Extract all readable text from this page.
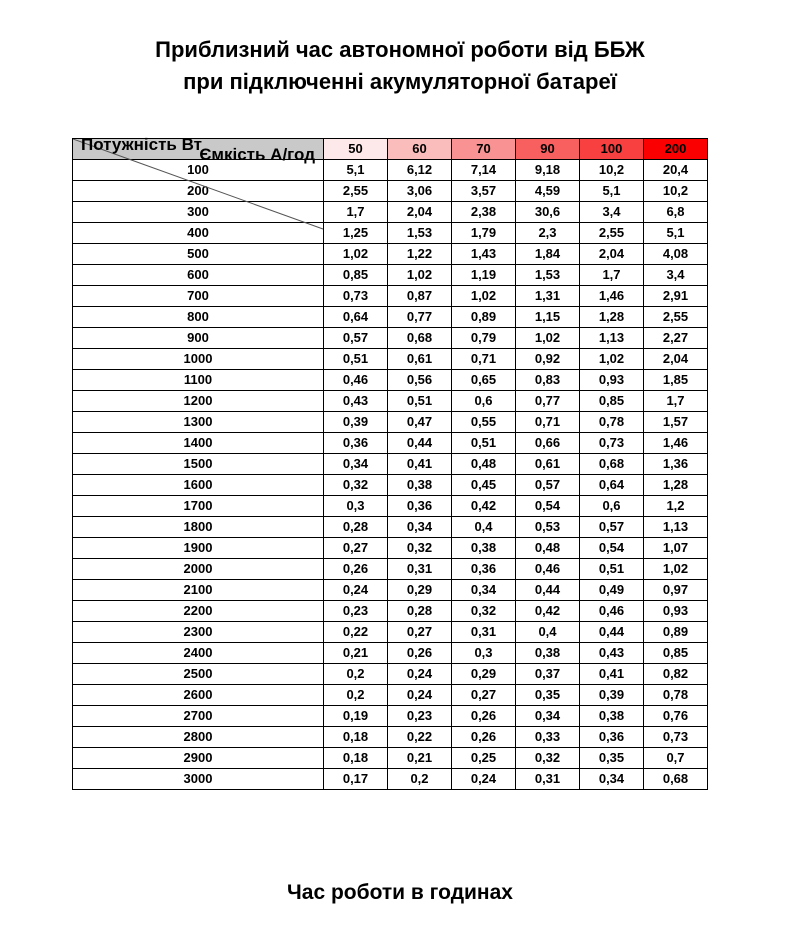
Приблизний час автономної роботи від ББЖ
при підключенні акумуляторної батареї
Ємкість А/год
Потужність Вт	50	60	70	90	100	200
100	5,1	6,12	7,14	9,18	10,2	20,4
200	2,55	3,06	3,57	4,59	5,1	10,2
300	1,7	2,04	2,38	30,6	3,4	6,8
400	1,25	1,53	1,79	2,3	2,55	5,1
500	1,02	1,22	1,43	1,84	2,04	4,08
600	0,85	1,02	1,19	1,53	1,7	3,4
700	0,73	0,87	1,02	1,31	1,46	2,91
800	0,64	0,77	0,89	1,15	1,28	2,55
900	0,57	0,68	0,79	1,02	1,13	2,27
1000	0,51	0,61	0,71	0,92	1,02	2,04
1100	0,46	0,56	0,65	0,83	0,93	1,85
1200	0,43	0,51	0,6	0,77	0,85	1,7
1300	0,39	0,47	0,55	0,71	0,78	1,57
1400	0,36	0,44	0,51	0,66	0,73	1,46
1500	0,34	0,41	0,48	0,61	0,68	1,36
1600	0,32	0,38	0,45	0,57	0,64	1,28
1700	0,3	0,36	0,42	0,54	0,6	1,2
1800	0,28	0,34	0,4	0,53	0,57	1,13
1900	0,27	0,32	0,38	0,48	0,54	1,07
2000	0,26	0,31	0,36	0,46	0,51	1,02
2100	0,24	0,29	0,34	0,44	0,49	0,97
2200	0,23	0,28	0,32	0,42	0,46	0,93
2300	0,22	0,27	0,31	0,4	0,44	0,89
2400	0,21	0,26	0,3	0,38	0,43	0,85
2500	0,2	0,24	0,29	0,37	0,41	0,82
2600	0,2	0,24	0,27	0,35	0,39	0,78
2700	0,19	0,23	0,26	0,34	0,38	0,76
2800	0,18	0,22	0,26	0,33	0,36	0,73
2900	0,18	0,21	0,25	0,32	0,35	0,7
3000	0,17	0,2	0,24	0,31	0,34	0,68
Час роботи в годинах
